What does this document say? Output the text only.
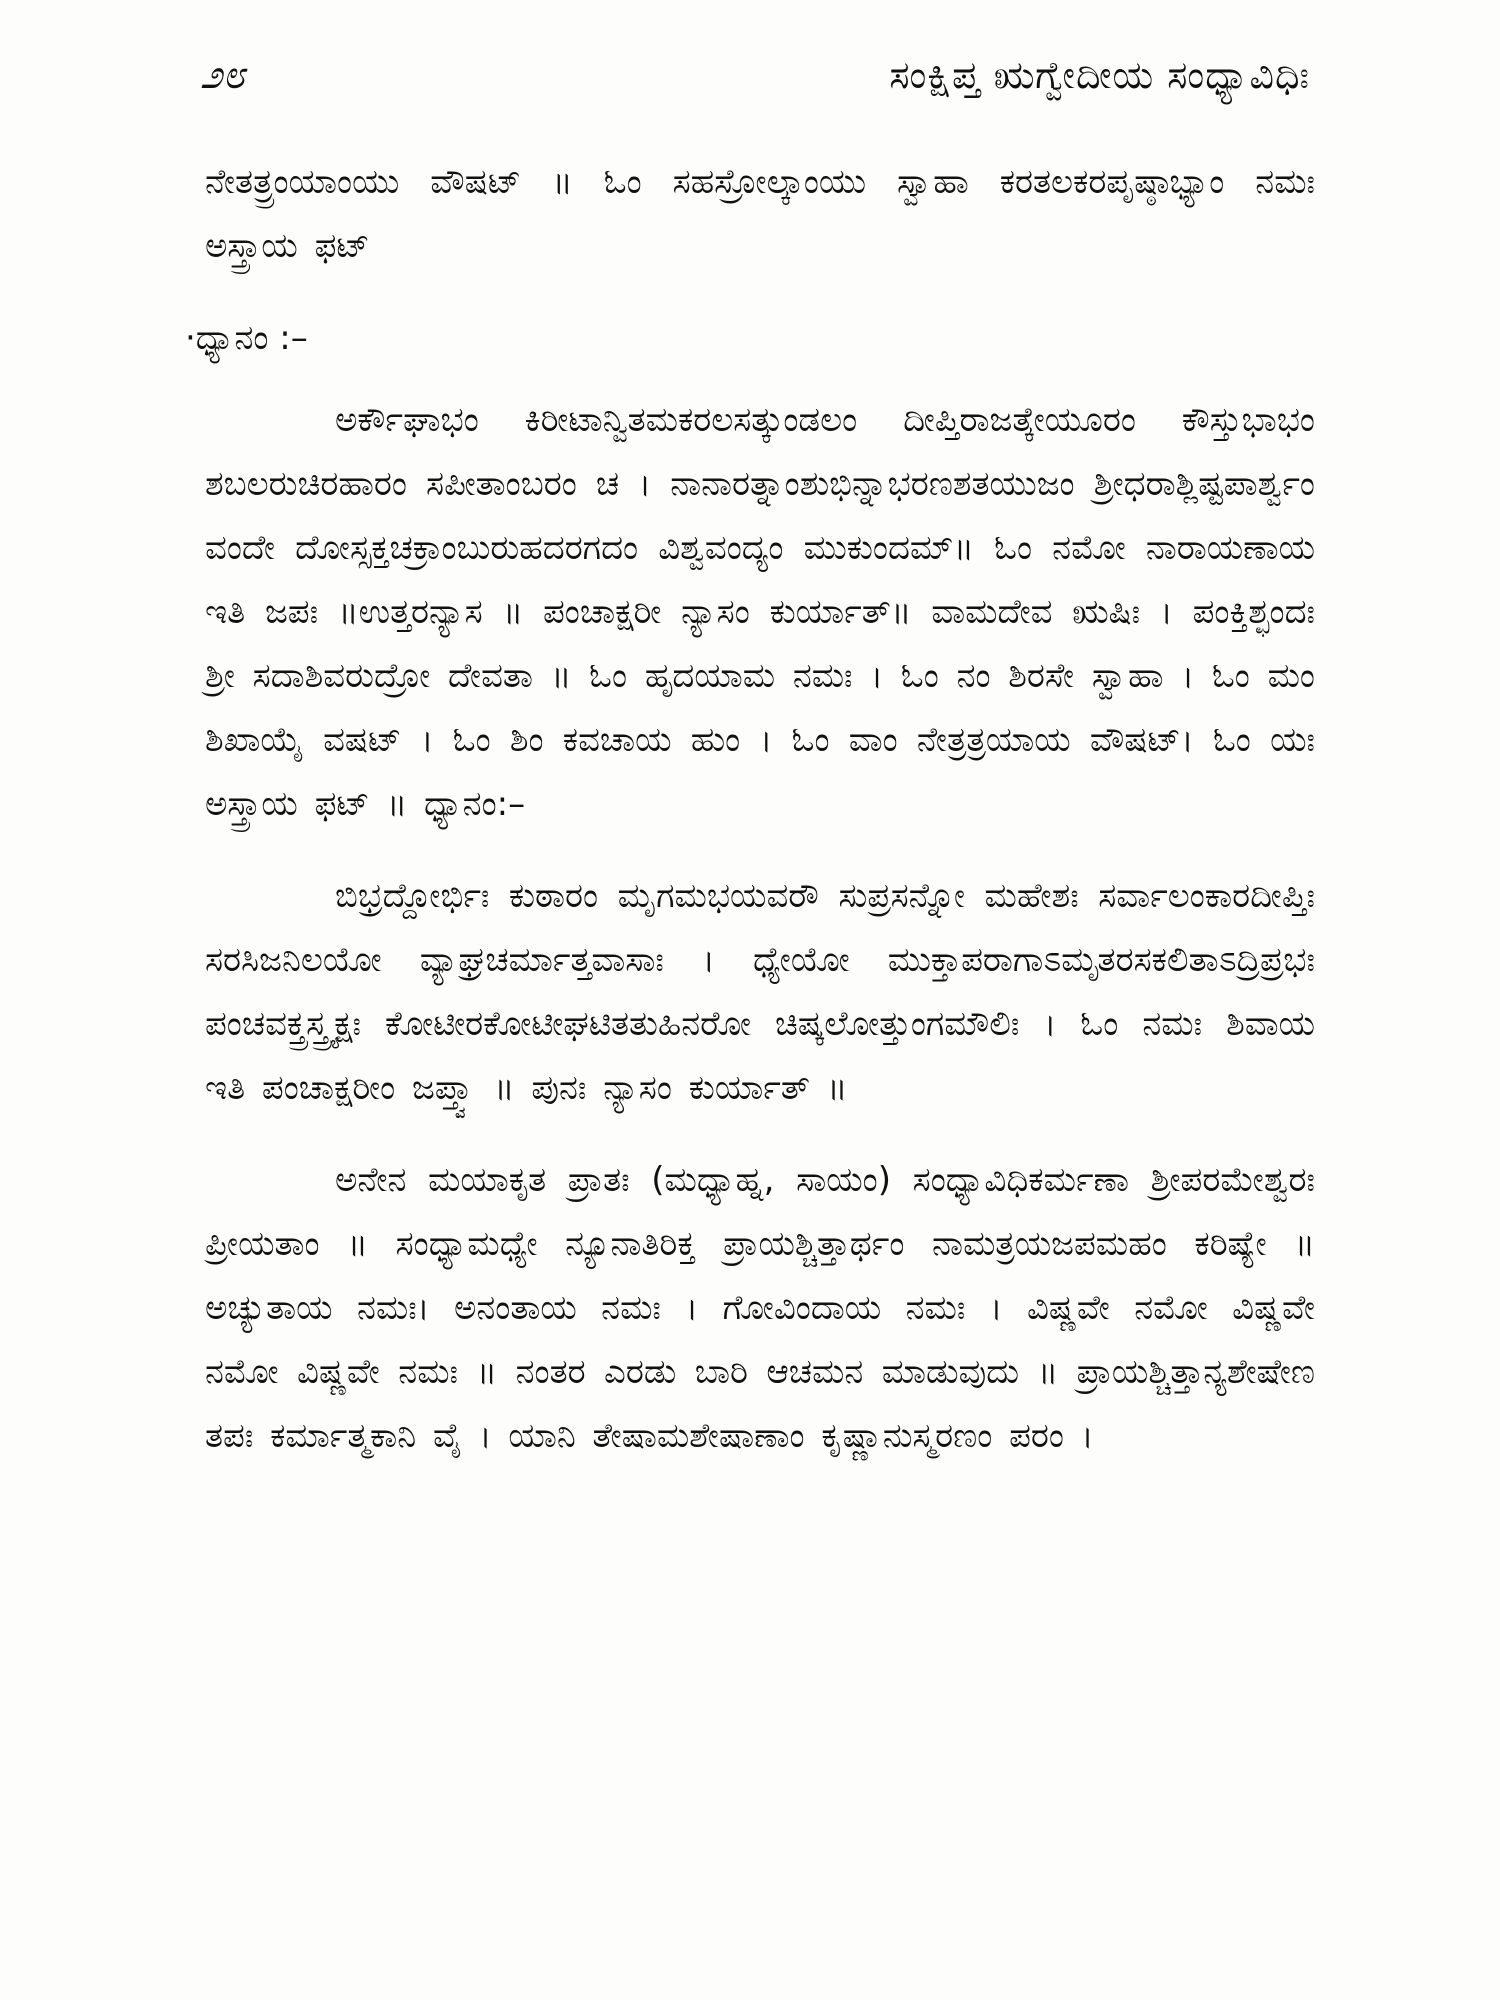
೨೮	ಸಂಕ್ಷಿಪ್ತ ಋಗ್ವೇದೀಯ ಸಂಧ್ಯಾವಿಧಿಃ

ನೇತತ್ರ್ರಂಯಾಂಯು ವೌಷಟ್ ॥ ಓಂ ಸಹಸ್ರೋಲ್ಕಾಂಯು ಸ್ವಾಹಾ ಕರತಲಕರಪೃಷ್ಠಾಭ್ಯಾಂ ನಮಃ ಅಸ್ತ್ರಾಯ ಫಟ್

·ಧ್ಯಾನಂ :–

ಅರ್ಕೌಘಾಭಂ ಕಿರೀಟಾನ್ವಿತಮಕರಲಸತ್ಕುಂಡಲಂ ದೀಪ್ತಿರಾಜತ್ಕೇಯೂರಂ ಕೌಸ್ತುಭಾಭಂ ಶಬಲರುಚಿರಹಾರಂ ಸಪೀತಾಂಬರಂ ಚ । ನಾನಾರತ್ನಾಂಶುಭಿನ್ನಾಭರಣಶತಯುಜಂ ಶ್ರೀಧರಾಶ್ಲಿಷ್ಟಪಾರ್ಶ್ವಂ ವಂದೇ ದೋಸ್ಸಕ್ತಚಕ್ರಾಂಬುರುಹದರಗದಂ ವಿಶ್ವವಂದ್ಯಂ ಮುಕುಂದಮ್॥ ಓಂ ನಮೋ ನಾರಾಯಣಾಯ ಇತಿ ಜಪಃ ॥ಉತ್ತರನ್ಯಾಸ ॥ ಪಂಚಾಕ್ಷರೀ ನ್ಯಾಸಂ ಕುರ್ಯಾತ್॥ ವಾಮದೇವ ಋಷಿಃ । ಪಂಕ್ತಿಶ್ಛಂದಃ ಶ್ರೀ ಸದಾಶಿವರುದ್ರೋ ದೇವತಾ ॥ ಓಂ ಹೃದಯಾಮ ನಮಃ । ಓಂ ನಂ ಶಿರಸೇ ಸ್ವಾಹಾ । ಓಂ ಮಂ ಶಿಖಾಯೈ ವಷಟ್ । ಓಂ ಶಿಂ ಕವಚಾಯ ಹುಂ । ಓಂ ವಾಂ ನೇತ್ರತ್ರಯಾಯ ವೌಷಟ್। ಓಂ ಯಃ ಅಸ್ತ್ರಾಯ ಫಟ್ ॥ ಧ್ಯಾನಂ:–

ಬಿಭ್ರದ್ದೋರ್ಭಿಃ ಕುಠಾರಂ ಮೃಗಮಭಯವರೌ ಸುಪ್ರಸನ್ನೋ ಮಹೇಶಃ ಸರ್ವಾಲಂಕಾರದೀಪ್ತಿಃ ಸರಸಿಜನಿಲಯೋ ವ್ಯಾಘ್ರಚರ್ಮಾತ್ತವಾಸಾಃ । ಧ್ಯೇಯೋ ಮುಕ್ತಾಪರಾಗಾಽಮೃತರಸಕಲಿತಾಽದ್ರಿಪ್ರಭಃ ಪಂಚವಕ್ತ್ರಸ್ತ್ರ್ಯಕ್ಷಃ ಕೋಟೀರಕೋಟೀಘಟಿತತುಹಿನರೋ ಚಿಷ್ಕಲೋತ್ತುಂಗಮೌಲಿಃ । ಓಂ ನಮಃ ಶಿವಾಯ ಇತಿ ಪಂಚಾಕ್ಷರೀಂ ಜಪ್ತ್ವಾ ॥ ಪುನಃ ನ್ಯಾಸಂ ಕುರ್ಯಾತ್ ॥

ಅನೇನ ಮಯಾಕೃತ ಪ್ರಾತಃ (ಮಧ್ಯಾಹ್ನ, ಸಾಯಂ) ಸಂಧ್ಯಾವಿಧಿಕರ್ಮಣಾ ಶ್ರೀಪರಮೇಶ್ವರಃ ಪ್ರೀಯತಾಂ ॥ ಸಂಧ್ಯಾಮಧ್ಯೇ ನ್ಯೂನಾತಿರಿಕ್ತ ಪ್ರಾಯಶ್ಚಿತ್ತಾರ್ಥಂ ನಾಮತ್ರಯಜಪಮಹಂ ಕರಿಷ್ಯೇ ॥ ಅಚ್ಯುತಾಯ ನಮಃ। ಅನಂತಾಯ ನಮಃ । ಗೋವಿಂದಾಯ ನಮಃ । ವಿಷ್ಣವೇ ನಮೋ ವಿಷ್ಣವೇ ನಮೋ ವಿಷ್ಣವೇ ನಮಃ ॥ ನಂತರ ಎರಡು ಬಾರಿ ಆಚಮನ ಮಾಡುವುದು ॥ ಪ್ರಾಯಶ್ಚಿತ್ತಾನ್ಯಶೇಷೇಣ ತಪಃ ಕರ್ಮಾತ್ಮಕಾನಿ ವೈ । ಯಾನಿ ತೇಷಾಮಶೇಷಾಣಾಂ ಕೃಷ್ಣಾನುಸ್ಮರಣಂ ಪರಂ ।
